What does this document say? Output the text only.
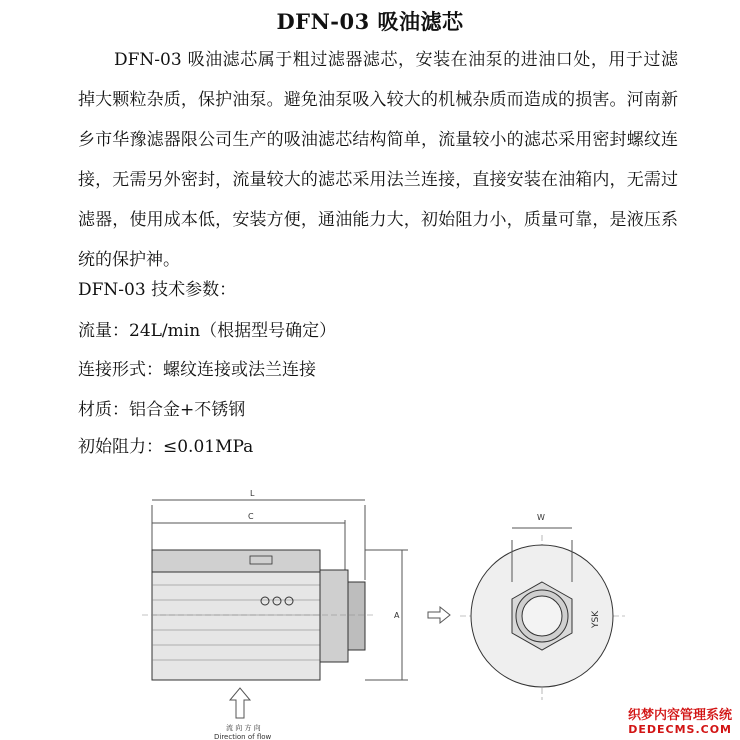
DFN-03 吸油滤芯
DFN-03 吸油滤芯属于粗过滤器滤芯，安装在油泵的进油口处，用于过滤掉大颗粒杂质，保护油泵。避免油泵吸入较大的机械杂质而造成的损害。河南新乡市华豫滤器限公司生产的吸油滤芯结构简单，流量较小的滤芯采用密封螺纹连接，无需另外密封，流量较大的滤芯采用法兰连接，直接安装在油箱内，无需过滤器，使用成本低，安装方便，通油能力大，初始阻力小，质量可靠，是液压系统的保护神。
DFN-03 技术参数：
流量：24L/min（根据型号确定）
连接形式：螺纹连接或法兰连接
材质：铝合金+不锈钢
初始阻力：≤0.01MPa
L
C
A
W
YSK
流 向 方 向
Direction of flow
织梦内容管理系统
DEDECMS.COM
